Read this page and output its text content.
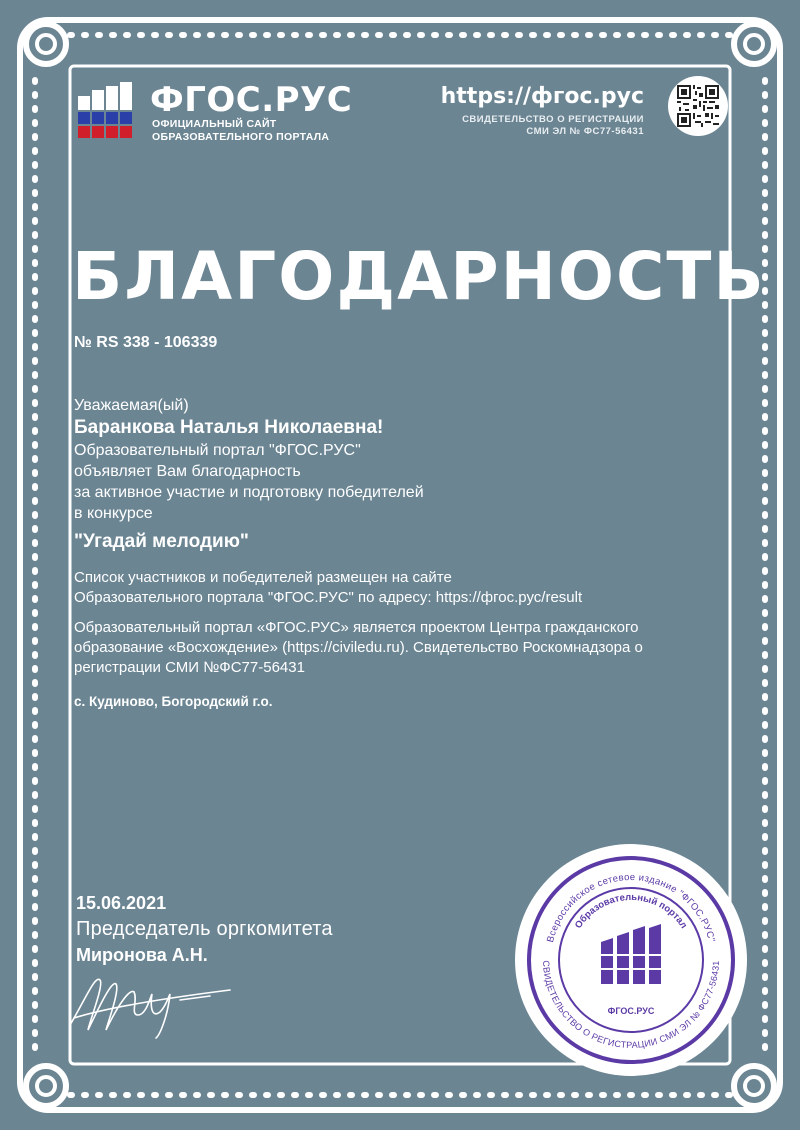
ФГОС.РУС
ОФИЦИАЛЬНЫЙ САЙТ
ОБРАЗОВАТЕЛЬНОГО ПОРТАЛА
https://фгос.рус
СВИДЕТЕЛЬСТВО О РЕГИСТРАЦИИ
СМИ ЭЛ № ФС77-56431
БЛАГОДАРНОСТЬ
№ RS 338 - 106339

Уважаемая(ый)

Баранкова Наталья Николаевна!

Образовательный портал "ФГОС.РУС"

объявляет Вам благодарность

за активное участие и подготовку победителей

в конкурсе

"Угадай мелодию"

Список участников и победителей размещен на сайте

Образовательного портала "ФГОС.РУС" по адресу: https://фгос.рус/result

Образовательный портал «ФГОС.РУС» является проектом Центра гражданского образование «Восхождение» (https://civiledu.ru). Свидетельство Роскомнадзора о регистрации СМИ №ФС77-56431

с. Кудиново, Богородский г.о.
15.06.2021
Председатель оргкомитета
Миронова А.Н.
Всероссийское сетевое издание "ФГОС.РУС"
СВИДЕТЕЛЬСТВО О РЕГИСТРАЦИИ СМИ ЭЛ № ФС77-56431
Образовательный портал
ФГОС.РУС
